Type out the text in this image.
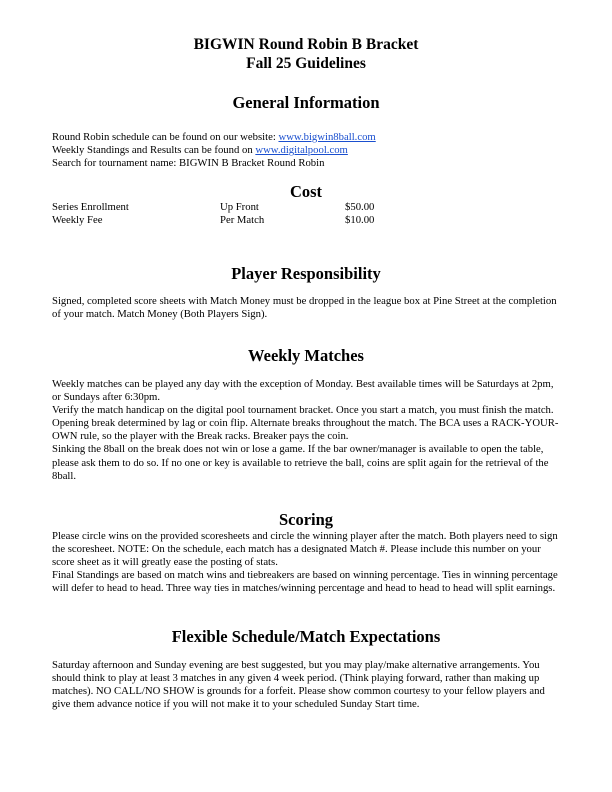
BIGWIN Round Robin B Bracket
Fall 25 Guidelines
General Information

Round Robin schedule can be found on our website: www.bigwin8ball.com

Weekly Standings and Results can be found on www.digitalpool.com

Search for tournament name: BIGWIN B Bracket Round Robin

Cost
Series Enrollment	Up Front	$50.00
Weekly Fee	Per Match	$10.00
Player Responsibility

Signed, completed score sheets with Match Money must be dropped in the league box at Pine Street at the completion of your match. Match Money (Both Players Sign).

Weekly Matches

Weekly matches can be played any day with the exception of Monday. Best available times will be Saturdays at 2pm, or Sundays after 6:30pm.

Verify the match handicap on the digital pool tournament bracket. Once you start a match, you must finish the match.

Opening break determined by lag or coin flip. Alternate breaks throughout the match. The BCA uses a RACK-YOUR-OWN rule, so the player with the Break racks. Breaker pays the coin.

Sinking the 8ball on the break does not win or lose a game. If the bar owner/manager is available to open the table, please ask them to do so. If no one or key is available to retrieve the ball, coins are split again for the retrieval of the 8ball.

Scoring

Please circle wins on the provided scoresheets and circle the winning player after the match. Both players need to sign the scoresheet. NOTE: On the schedule, each match has a designated Match #. Please include this number on your score sheet as it will greatly ease the posting of stats.

Final Standings are based on match wins and tiebreakers are based on winning percentage. Ties in winning percentage will defer to head to head. Three way ties in matches/winning percentage and head to head to head will split earnings.

Flexible Schedule/Match Expectations

Saturday afternoon and Sunday evening are best suggested, but you may play/make alternative arrangements. You should think to play at least 3 matches in any given 4 week period. (Think playing forward, rather than making up matches). NO CALL/NO SHOW is grounds for a forfeit. Please show common courtesy to your fellow players and give them advance notice if you will not make it to your scheduled Sunday Start time.
